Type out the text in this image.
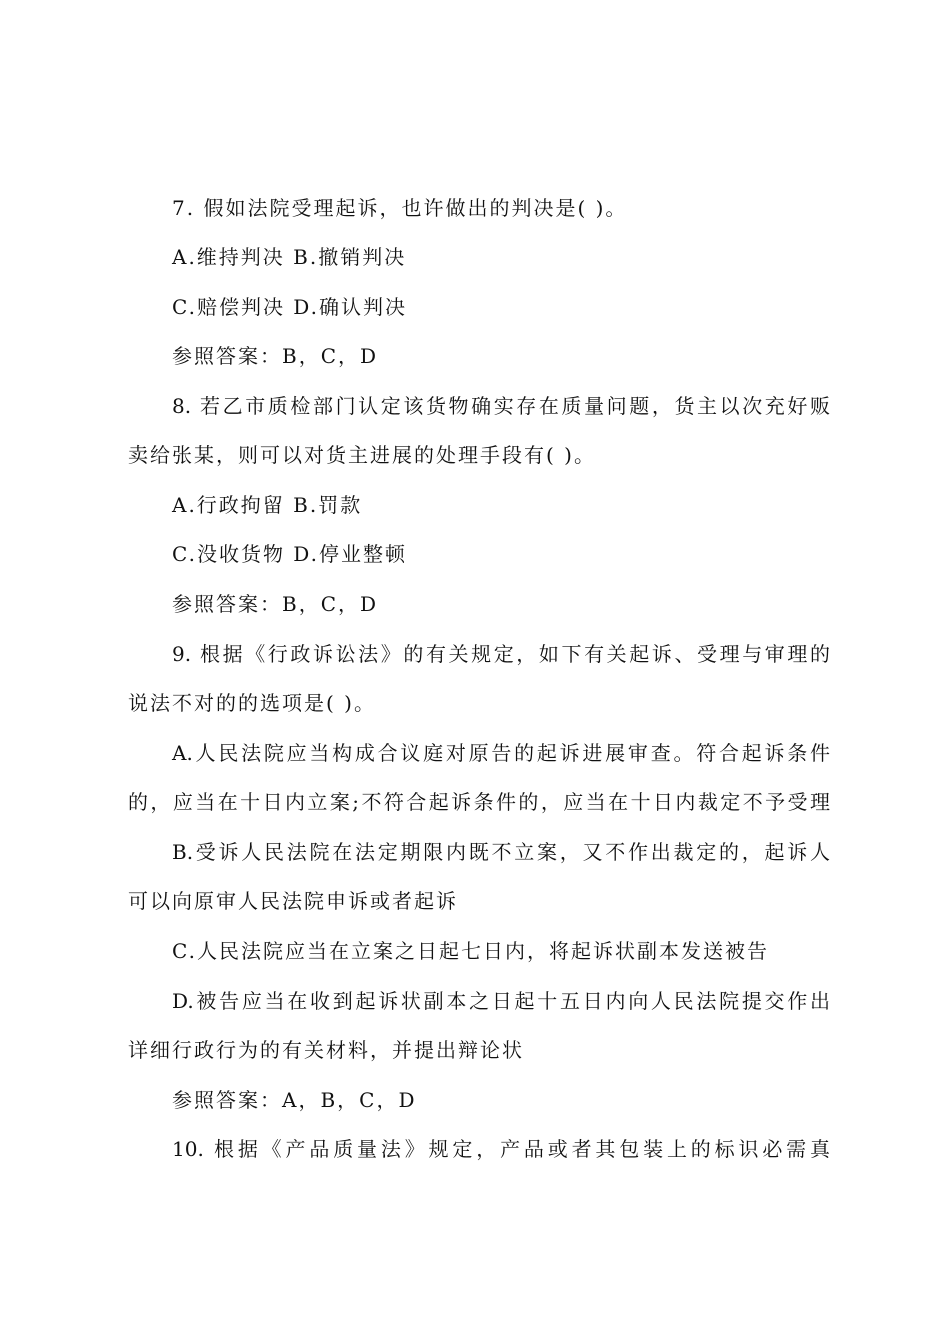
7. 假如法院受理起诉，也许做出的判决是( )。
A.维持判决 B.撤销判决
C.赔偿判决 D.确认判决
参照答案：B，C，D
8. 若乙市质检部门认定该货物确实存在质量问题，货主以次充好贩
卖给张某，则可以对货主进展的处理手段有( )。
A.行政拘留 B.罚款
C.没收货物 D.停业整顿
参照答案：B，C，D
9. 根据《行政诉讼法》的有关规定，如下有关起诉、受理与审理的
说法不对的的选项是( )。
A.人民法院应当构成合议庭对原告的起诉进展审查。符合起诉条件
的，应当在十日内立案;不符合起诉条件的，应当在十日内裁定不予受理
B.受诉人民法院在法定期限内既不立案，又不作出裁定的，起诉人
可以向原审人民法院申诉或者起诉
C.人民法院应当在立案之日起七日内，将起诉状副本发送被告
D.被告应当在收到起诉状副本之日起十五日内向人民法院提交作出
详细行政行为的有关材料，并提出辩论状
参照答案：A，B，C，D
10. 根据《产品质量法》规定，产品或者其包装上的标识必需真
